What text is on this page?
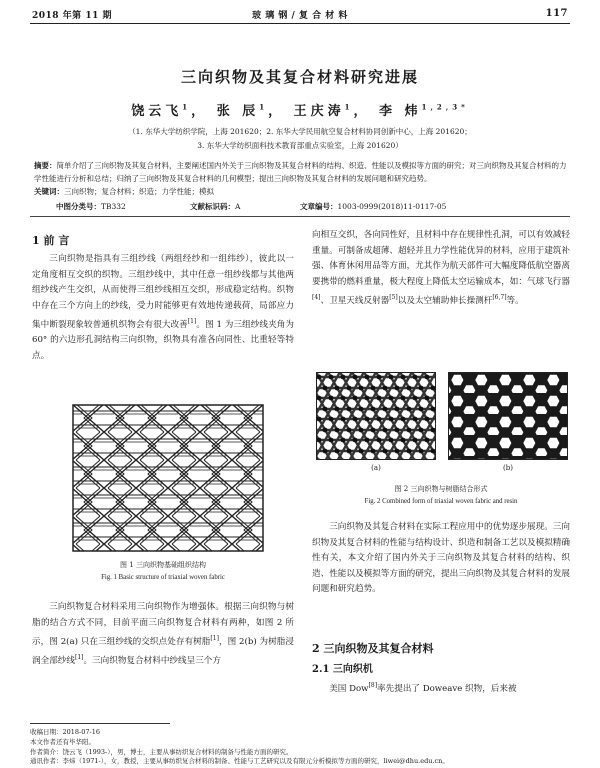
2018 年第 11 期	玻 璃 钢 / 复 合 材 料	117
三向织物及其复合材料研究进展
饶云飞$^1$， 张 辰$^1$， 王庆涛$^1$， 李 炜$^{1,2,3*}$
（1. 东华大学纺织学院，上海 201620；2. 东华大学民用航空复合材料协同创新中心，上海 201620；
3. 东华大学纺织面料技术教育部重点实验室，上海 201620）
摘要：简单介绍了三向织物及其复合材料，主要阐述国内外关于三向织物及其复合材料的结构、织造、性能以及模拟等方面的研究；对三向织物及其复合材料的力学性能进行分析和总结；归纳了三向织物及其复合材料的几何模型；提出三向织物及其复合材料的发展问题和研究趋势。
关键词：三向织物；复合材料；织造；力学性能；模拟
中图分类号：TB332	文献标识码：A	文章编号：1003-0999(2018)11-0117-05
1 前 言
三向织物是指具有三组纱线（两组经纱和一组纬纱），彼此以一定角度相互交织的织物。三组纱线中，其中任意一组纱线都与其他两组纱线产生交织，从而使得三组纱线相互交织，形成稳定结构。织物中存在三个方向上的纱线，受力时能够更有效地传递载荷，局部应力集中断裂现象较普通机织物会有很大改善[1]。图 1 为三组纱线夹角为 60° 的六边形孔洞结构三向织物，织物具有准各向同性、比重轻等特点。
图 1 三向织物基础组织结构
Fig. 1 Basic structure of triaxial woven fabric
三向织物复合材料采用三向织物作为增强体。根据三向织物与树脂的结合方式不同，目前平面三向织物复合材料有两种，如图 2 所示，图 2(a) 只在三组纱线的交织点处存有树脂[1]，图 2(b) 为树脂浸润全部纱线[1]。三向织物复合材料中纱线呈三个方
向相互交织，各向同性好，且材料中存在规律性孔洞，可以有效减轻重量。可制备成超薄、超轻并且力学性能优异的材料，应用于建筑补强、体育休闲用品等方面，尤其作为航天部件可大幅度降低航空器离要携带的燃料重量，极大程度上降低太空运输成本，如：气球飞行器[4]、卫星天线反射器[5]以及太空辅助伸长操测杆[6,7]等。
(a)	(b)
图 2 三向织物与树脂结合形式
Fig. 2 Combined form of triaxial woven fabric and resin
三向织物及其复合材料在实际工程应用中的优势逐步展现。三向织物及其复合材料的性能与结构设计、织造和制备工艺以及模拟精确性有关，本文介绍了国内外关于三向织物及其复合材料的结构、织造、性能以及模拟等方面的研究，提出三向织物及其复合材料的发展问题和研究趋势。
2 三向织物及其复合材料
2.1 三向织机
美国 Dow[8]率先提出了 Doweave 织物，后来被
收稿日期：2018-07-16
本文作者还有毕华阳。
作者简介：饶云飞（1993-），男，博士，主要从事纺织复合材料的制备与性能方面的研究。
通讯作者：李炜（1971-），女，教授，主要从事纺织复合材料的制备、性能与工艺研究以及有限元分析模拟等方面的研究，liwei@dhu.edu.cn。
